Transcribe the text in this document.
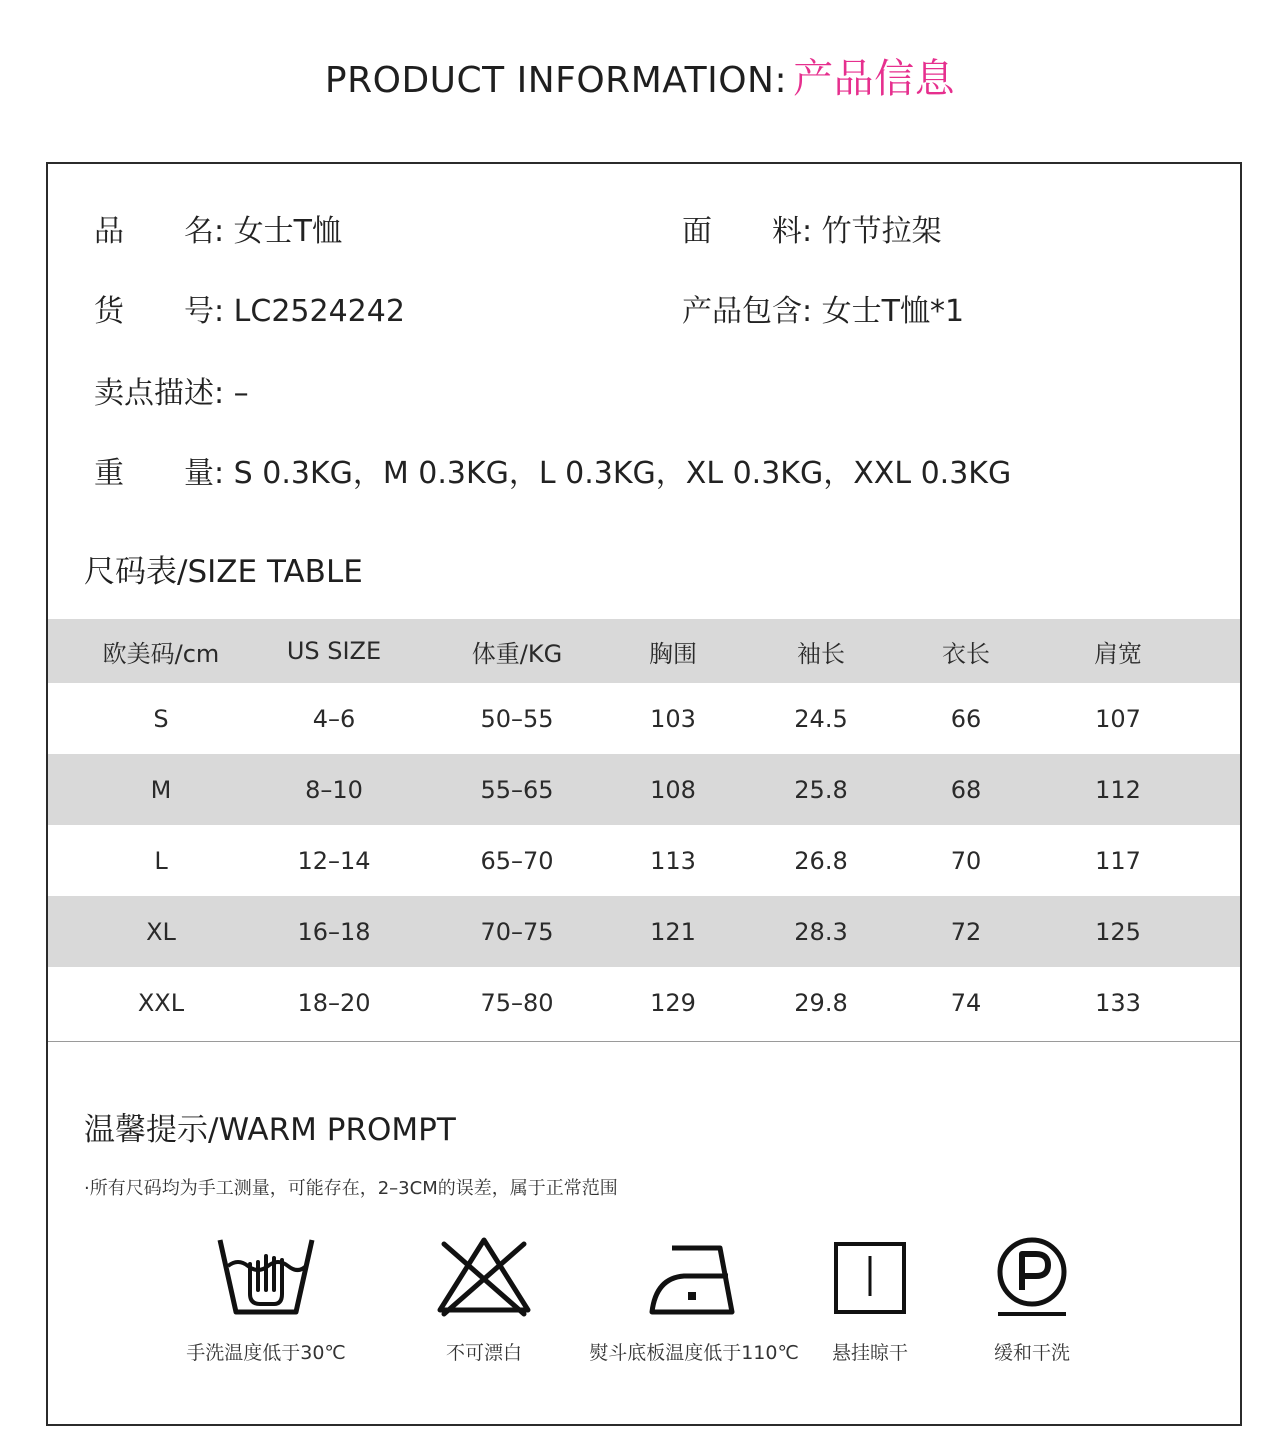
PRODUCT INFORMATION: 产品信息
品　　名: 女士T恤	面　　料: 竹节拉架
货　　号: LC2524242	产品包含: 女士T恤*1
卖点描述: –
重　　量: S 0.3KG，M 0.3KG，L 0.3KG，XL 0.3KG，XXL 0.3KG
尺码表/SIZE TABLE
欧美码/cm	US SIZE	体重/KG	胸围	袖长	衣长	肩宽
S	4–6	50–55	103	24.5	66	107
M	8–10	55–65	108	25.8	68	112
L	12–14	65–70	113	26.8	70	117
XL	16–18	70–75	121	28.3	72	125
XXL	18–20	75–80	129	29.8	74	133
温馨提示/WARM PROMPT
·所有尺码均为手工测量，可能存在，2–3CM的误差，属于正常范围
手洗温度低于30℃	不可漂白	熨斗底板温度低于110℃	悬挂晾干	缓和干洗
